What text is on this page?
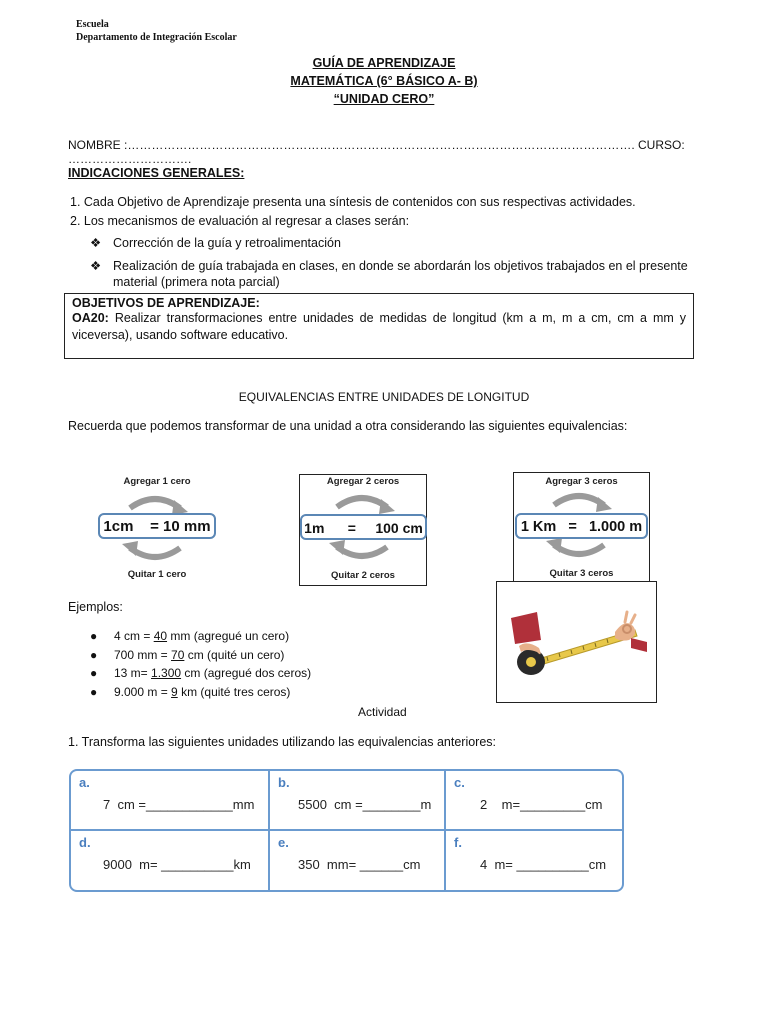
Escuela
Departamento de Integración Escolar
GUÍA DE APRENDIZAJE
MATEMÁTICA (6° BÁSICO A- B)
“UNIDAD CERO”
NOMBRE :………………………………………………………………………………………………………………. CURSO: ………………………….
INDICACIONES GENERALES:
1. Cada Objetivo de Aprendizaje presenta una síntesis de contenidos con sus respectivas actividades.
2. Los mecanismos de evaluación al regresar a clases serán:
❖ Corrección de la guía y retroalimentación
❖ Realización de guía trabajada en clases, en donde se abordarán los objetivos trabajados en el presente
material (primera nota parcial)
OBJETIVOS DE APRENDIZAJE:
OA20: Realizar transformaciones entre unidades de medidas de longitud (km a m, m a cm, cm a mm y viceversa), usando software educativo.
EQUIVALENCIAS ENTRE UNIDADES DE LONGITUD
Recuerda que podemos transformar de una unidad a otra considerando las siguientes equivalencias:
Agregar 1 cero
1cm    = 10 mm
Quitar 1 cero
Agregar 2 ceros
1m      =     100 cm
Quitar 2 ceros
Agregar 3 ceros
1 Km   =   1.000 m
Quitar 3 ceros
Ejemplos:
● 4 cm = 40 mm (agregué un cero)
● 700 mm = 70 cm (quité un cero)
● 13 m= 1.300 cm (agregué dos ceros)
● 9.000 m = 9 km (quité tres ceros)
Actividad
1. Transforma las siguientes unidades utilizando las equivalencias anteriores:
a.
7  cm =____________mm
b.
5500  cm =________m
c.
2    m=_________cm
d.
9000  m= __________km
e.
350  mm= ______cm
f.
4  m= __________cm
